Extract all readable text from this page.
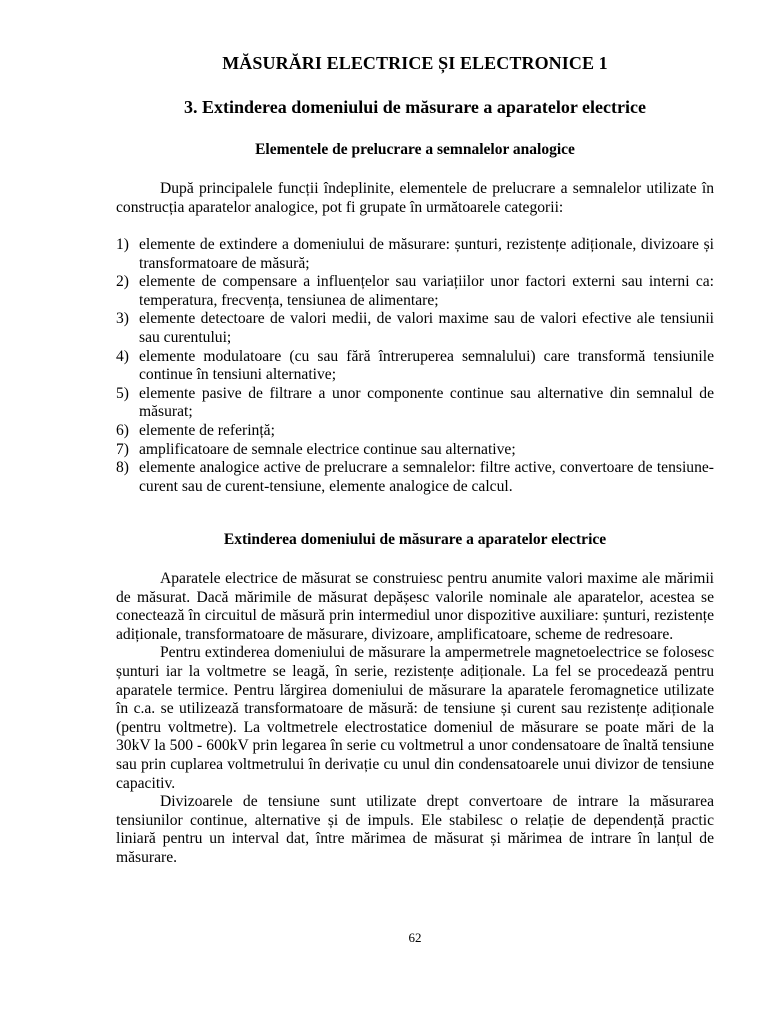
MĂSURĂRI ELECTRICE ȘI ELECTRONICE 1
3. Extinderea domeniului de măsurare a aparatelor electrice
Elementele de prelucrare a semnalelor analogice

După principalele funcții îndeplinite, elementele de prelucrare a semnalelor utilizate în construcția aparatelor analogice, pot fi grupate în următoarele categorii:

1) elemente de extindere a domeniului de măsurare: șunturi, rezistențe adiționale, divizoare și transformatoare de măsură;
2) elemente de compensare a influențelor sau variațiilor unor factori externi sau interni ca: temperatura, frecvența, tensiunea de alimentare;
3) elemente detectoare de valori medii, de valori maxime sau de valori efective ale tensiunii sau curentului;
4) elemente modulatoare (cu sau fără întreruperea semnalului) care transformă tensiunile continue în tensiuni alternative;
5) elemente pasive de filtrare a unor componente continue sau alternative din semnalul de măsurat;
6) elemente de referință;
7) amplificatoare de semnale electrice continue sau alternative;
8) elemente analogice active de prelucrare a semnalelor: filtre active, convertoare de tensiune-curent sau de curent-tensiune, elemente analogice de calcul.
Extinderea domeniului de măsurare a aparatelor electrice

Aparatele electrice de măsurat se construiesc pentru anumite valori maxime ale mărimii de măsurat. Dacă mărimile de măsurat depășesc valorile nominale ale aparatelor, acestea se conectează în circuitul de măsură prin intermediul unor dispozitive auxiliare: șunturi, rezistențe adiționale, transformatoare de măsurare, divizoare, amplificatoare, scheme de redresoare.

Pentru extinderea domeniului de măsurare la ampermetrele magnetoelectrice se folosesc șunturi iar la voltmetre se leagă, în serie, rezistențe adiționale. La fel se procedează pentru aparatele termice. Pentru lărgirea domeniului de măsurare la aparatele feromagnetice utilizate în c.a. se utilizează transformatoare de măsură: de tensiune și curent sau rezistențe adiționale (pentru voltmetre). La voltmetrele electrostatice domeniul de măsurare se poate mări de la 30kV la 500 - 600kV prin legarea în serie cu voltmetrul a unor condensatoare de înaltă tensiune sau prin cuplarea voltmetrului în derivație cu unul din condensatoarele unui divizor de tensiune capacitiv.

Divizoarele de tensiune sunt utilizate drept convertoare de intrare la măsurarea tensiunilor continue, alternative și de impuls. Ele stabilesc o relație de dependență practic liniară pentru un interval dat, între mărimea de măsurat și mărimea de intrare în lanțul de măsurare.

62
